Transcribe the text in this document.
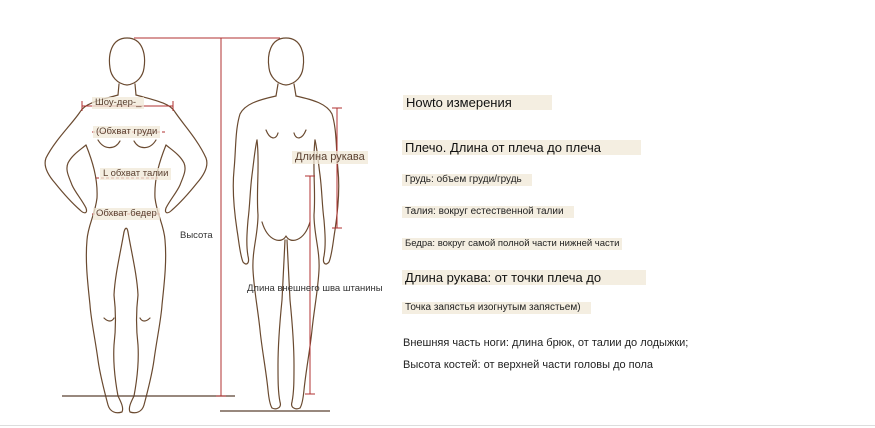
Шоу-дер-_
(Обхват груди
L обхват талии
Обхват бедер
Высота
Длина рукава
Длина внешнего шва штанины
Howto измерения
Плечо. Длина от плеча до плеча
Грудь: объем груди/грудь
Талия: вокруг естественной талии
Бедра: вокруг самой полной части нижней части
Длина рукава: от точки плеча до
Точка запястья изогнутым запястьем)
Внешняя часть ноги: длина брюк, от талии до лодыжки;
Высота костей: от верхней части головы до пола
